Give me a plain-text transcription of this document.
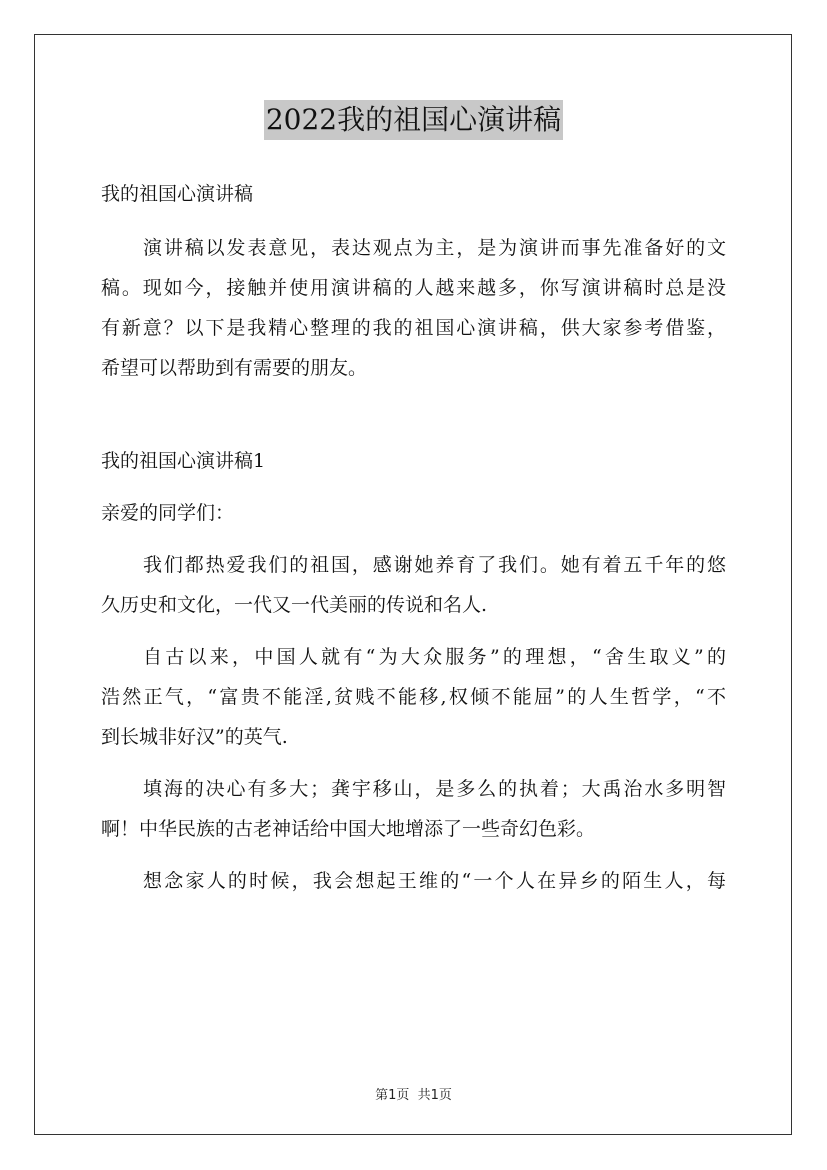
2022我的祖国心演讲稿
我的祖国心演讲稿
演讲稿以发表意见，表达观点为主，是为演讲而事先准备好的文
稿。现如今，接触并使用演讲稿的人越来越多，你写演讲稿时总是没
有新意？以下是我精心整理的我的祖国心演讲稿，供大家参考借鉴，
希望可以帮助到有需要的朋友。
我的祖国心演讲稿1
亲爱的同学们：
我们都热爱我们的祖国，感谢她养育了我们。她有着五千年的悠
久历史和文化，一代又一代美丽的传说和名人.
自古以来，中国人就有“为大众服务”的理想，“舍生取义”的
浩然正气，“富贵不能淫,贫贱不能移,权倾不能屈”的人生哲学，“不
到长城非好汉”的英气.
填海的决心有多大；龚宇移山，是多么的执着；大禹治水多明智
啊！中华民族的古老神话给中国大地增添了一些奇幻色彩。
想念家人的时候，我会想起王维的“一个人在异乡的陌生人，每
第1页  共1页
